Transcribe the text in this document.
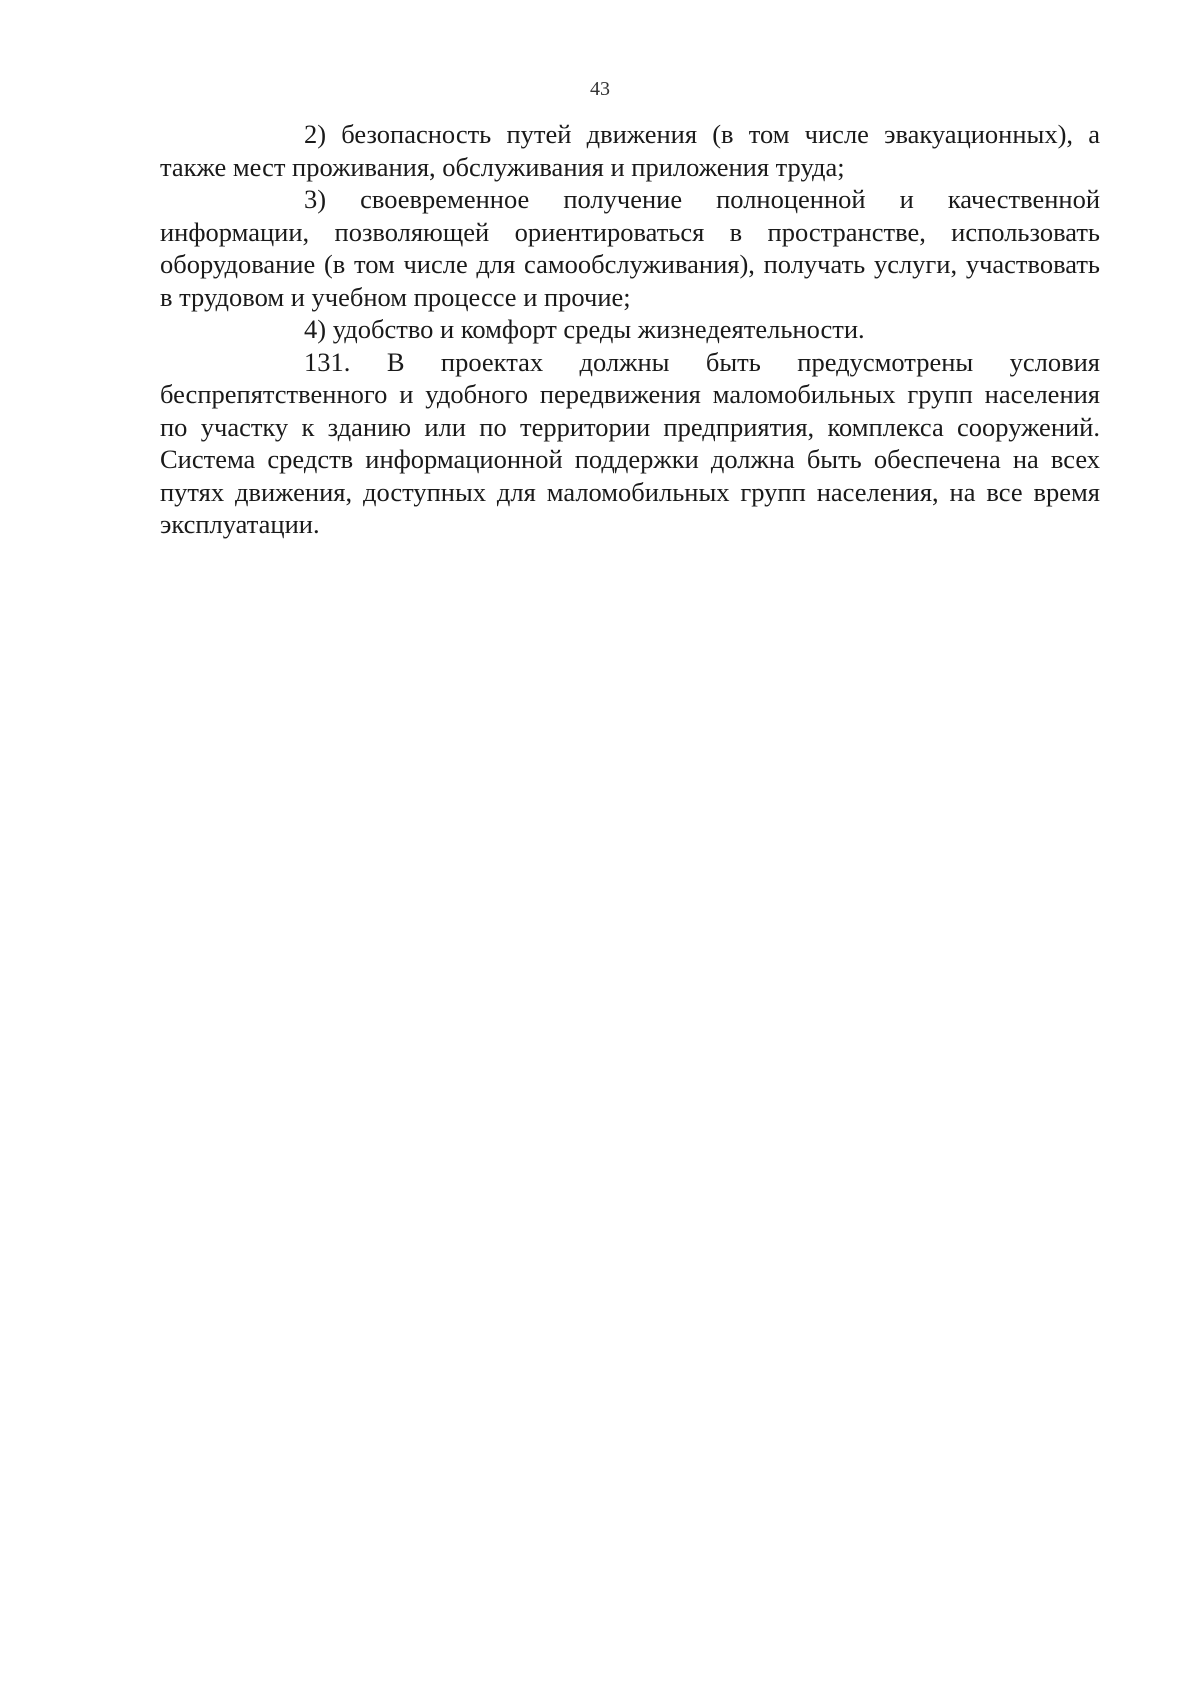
43

2) безопасность путей движения (в том числе эвакуационных), а также мест проживания, обслуживания и приложения труда;

3) своевременное получение полноценной и качественной информации, позволяющей ориентироваться в пространстве, использовать оборудование (в том числе для самообслуживания), получать услуги, участвовать в трудовом и учебном процессе и прочие;

4) удобство и комфорт среды жизнедеятельности.

131. В проектах должны быть предусмотрены условия беспрепятственного и удобного передвижения маломобильных групп населения по участку к зданию или по территории предприятия, комплекса сооружений. Система средств информационной поддержки должна быть обеспечена на всех путях движения, доступных для маломобильных групп населения, на все время эксплуатации.
